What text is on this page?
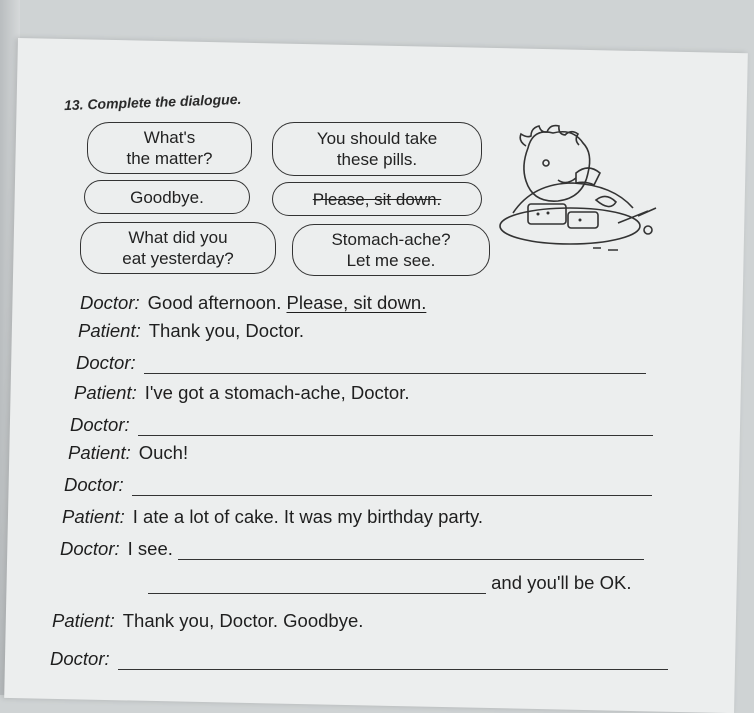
13. Complete the dialogue.
What's
the matter?
You should take
these pills.
Goodbye.	Please, sit down.
What did you
eat yesterday?
Stomach-ache?
Let me see.
Doctor: Good afternoon. Please, sit down.
Patient: Thank you, Doctor.
Doctor:
Patient: I've got a stomach-ache, Doctor.
Doctor:
Patient: Ouch!
Doctor:
Patient: I ate a lot of cake. It was my birthday party.
Doctor: I see.
and you'll be OK.
Patient: Thank you, Doctor. Goodbye.
Doctor:
